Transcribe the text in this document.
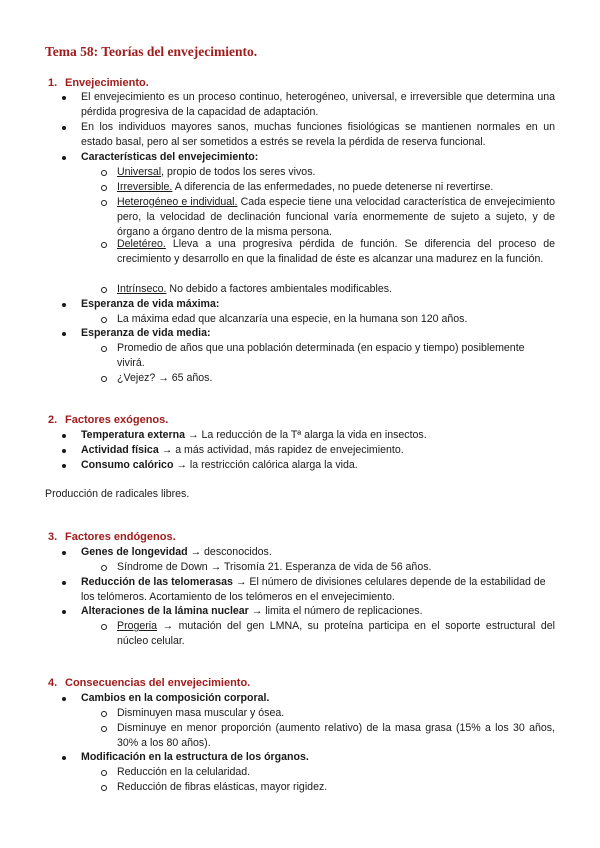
Tema 58: Teorías del envejecimiento.
1. Envejecimiento.
El envejecimiento es un proceso continuo, heterogéneo, universal, e irreversible que determina una pérdida progresiva de la capacidad de adaptación.
En los individuos mayores sanos, muchas funciones fisiológicas se mantienen normales en un estado basal, pero al ser sometidos a estrés se revela la pérdida de reserva funcional.
Características del envejecimiento:
Universal, propio de todos los seres vivos.
Irreversible. A diferencia de las enfermedades, no puede detenerse ni revertirse.
Heterogéneo e individual. Cada especie tiene una velocidad característica de envejecimiento pero, la velocidad de declinación funcional varía enormemente de sujeto a sujeto, y de órgano a órgano dentro de la misma persona.
Deletéreo. Lleva a una progresiva pérdida de función. Se diferencia del proceso de crecimiento y desarrollo en que la finalidad de éste es alcanzar una madurez en la función.
Intrínseco. No debido a factores ambientales modificables.
Esperanza de vida máxima:
La máxima edad que alcanzaría una especie, en la humana son 120 años.
Esperanza de vida media:
Promedio de años que una población determinada (en espacio y tiempo) posiblemente vivirá.
¿Vejez? → 65 años.
2. Factores exógenos.
Temperatura externa → La reducción de la Tª alarga la vida en insectos.
Actividad física → a más actividad, más rapidez de envejecimiento.
Consumo calórico → la restricción calórica alarga la vida.
Producción de radicales libres.
3. Factores endógenos.
Genes de longevidad → desconocidos.
Síndrome de Down → Trisomía 21. Esperanza de vida de 56 años.
Reducción de las telomerasas → El número de divisiones celulares depende de la estabilidad de los telómeros. Acortamiento de los telómeros en el envejecimiento.
Alteraciones de la lámina nuclear → limita el número de replicaciones.
Progeria → mutación del gen LMNA, su proteína participa en el soporte estructural del núcleo celular.
4. Consecuencias del envejecimiento.
Cambios en la composición corporal.
Disminuyen masa muscular y ósea.
Disminuye en menor proporción (aumento relativo) de la masa grasa (15% a los 30 años, 30% a los 80 años).
Modificación en la estructura de los órganos.
Reducción en la celularidad.
Reducción de fibras elásticas, mayor rigidez.
